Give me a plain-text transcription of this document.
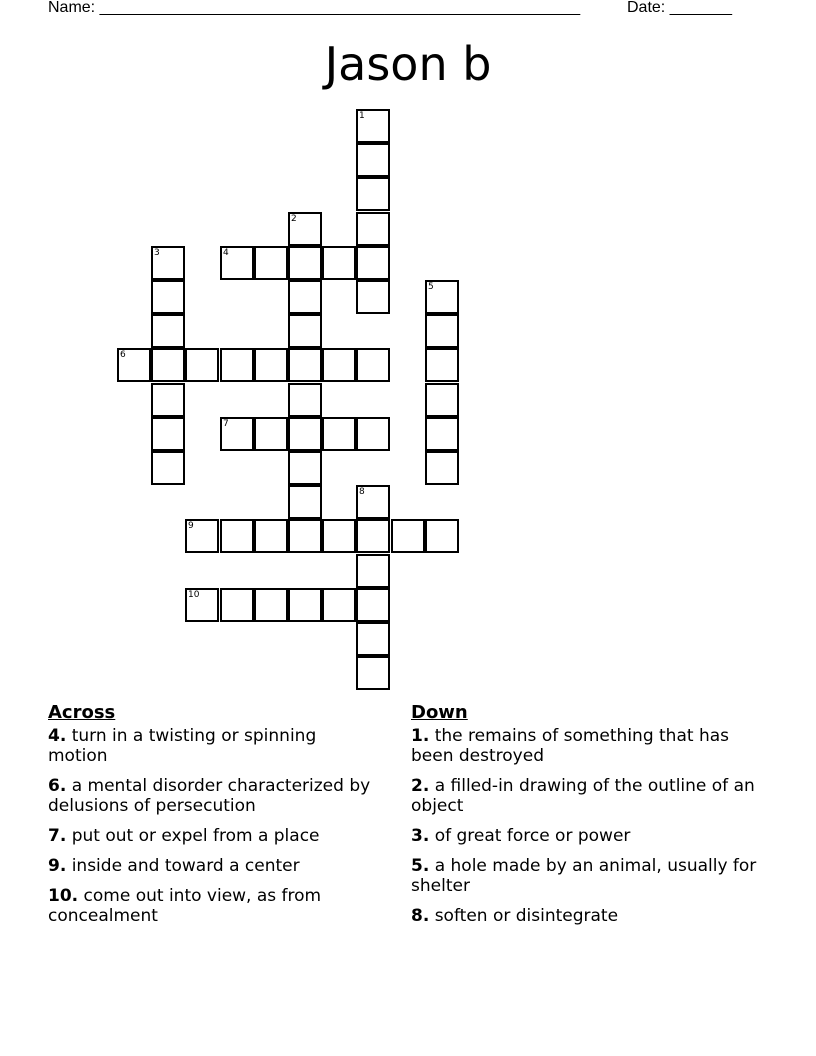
Name: ______________________________________________________	Date: _______
Jason b
1
2
3	4
5
6
7
8
9
10
Across
4. turn in a twisting or spinning motion
6. a mental disorder characterized by delusions of persecution
7. put out or expel from a place
9. inside and toward a center
10. come out into view, as from concealment
Down
1. the remains of something that has been destroyed
2. a filled-in drawing of the outline of an object
3. of great force or power
5. a hole made by an animal, usually for shelter
8. soften or disintegrate
